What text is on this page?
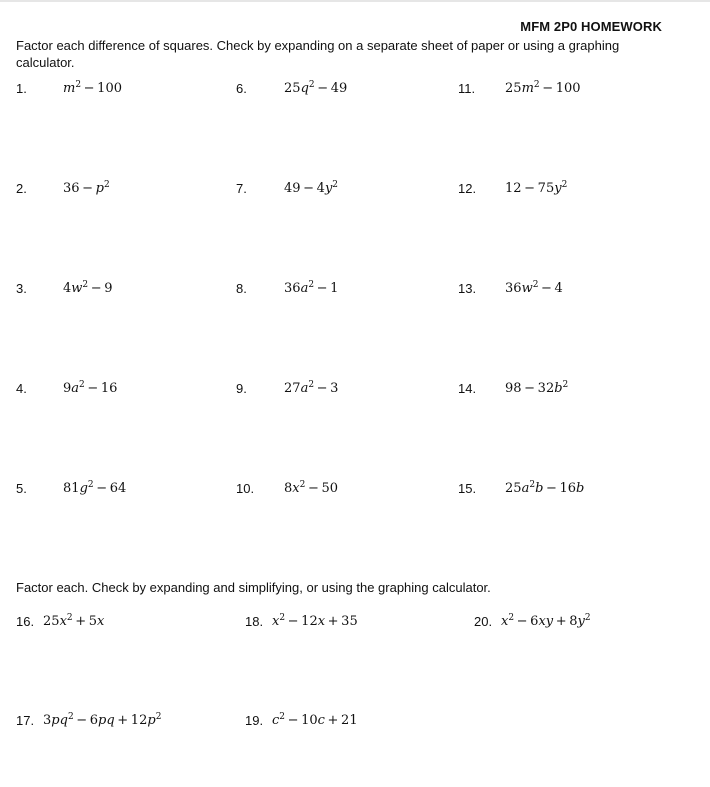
MFM 2P0 HOMEWORK
Factor each difference of squares. Check by expanding on a separate sheet of paper or using a graphing calculator.
1.	$m^2 - 100$
2.	$36 - p^2$
3.	$4w^2 - 9$
4.	$9a^2 - 16$
5.	$81g^2 - 64$
6.	$25q^2 - 49$
7.	$49 - 4y^2$
8.	$36a^2 - 1$
9.	$27a^2 - 3$
10. $8x^2 - 50$
11. $25m^2 - 100$
12. $12 - 75y^2$
13. $36w^2 - 4$
14. $98 - 32b^2$
15. $25a^2b - 16b$
Factor each. Check by expanding and simplifying, or using the graphing calculator.
16. $25x^2 + 5x$
17. $3pq^2 - 6pq + 12p^2$
18. $x^2 - 12x + 35$
19. $c^2 - 10c + 21$
20. $x^2 - 6xy + 8y^2$
